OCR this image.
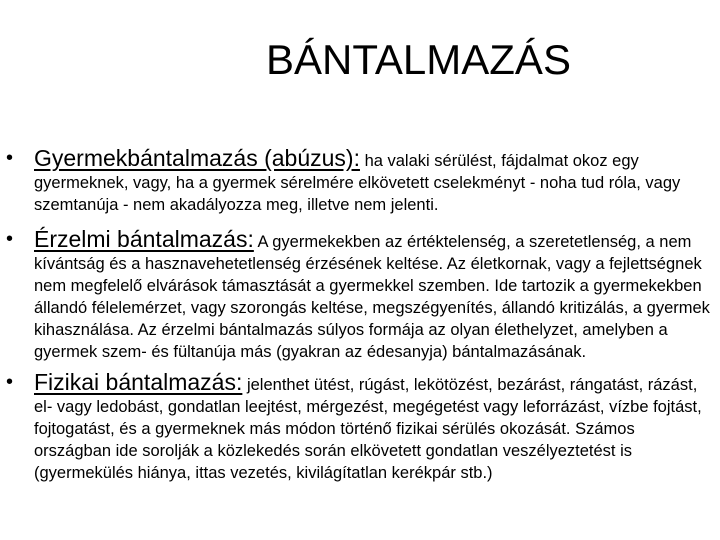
BÁNTALMAZÁS
• Gyermekbántalmazás (abúzus): ha valaki sérülést, fájdalmat okoz egy gyermeknek, vagy, ha a gyermek sérelmére elkövetett cselekményt - noha tud róla, vagy szemtanúja - nem akadályozza meg, illetve nem jelenti.
• Érzelmi bántalmazás: A gyermekekben az értéktelenség, a szeretetlenség, a nem kívántság és a hasznavehetetlenség érzésének keltése. Az életkornak, vagy a fejlettségnek nem megfelelő elvárások támasztását a gyermekkel szemben. Ide tartozik a gyermekekben állandó félelemérzet, vagy szorongás keltése, megszégyenítés, állandó kritizálás, a gyermek kihasználása. Az érzelmi bántalmazás súlyos formája az olyan élethelyzet, amelyben a gyermek szem- és fültanúja más (gyakran az édesanyja) bántalmazásának.
• Fizikai bántalmazás: jelenthet ütést, rúgást, lekötözést, bezárást, rángatást, rázást, el- vagy ledobást, gondatlan leejtést, mérgezést, megégetést vagy leforrázást, vízbe fojtást, fojtogatást, és a gyermeknek más módon történő fizikai sérülés okozását. Számos országban ide sorolják a közlekedés során elkövetett gondatlan veszélyeztetést is (gyermekülés hiánya, ittas vezetés, kivilágítatlan kerékpár stb.)
